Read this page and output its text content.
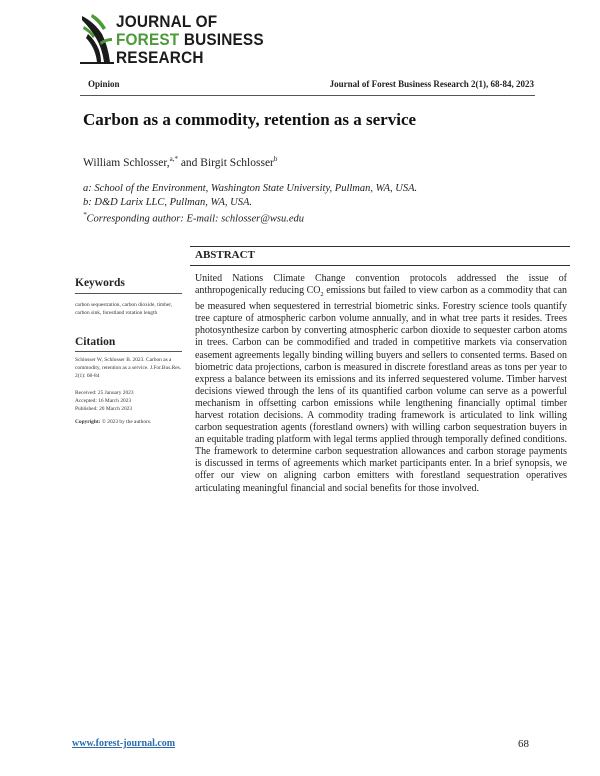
JOURNAL OF
FOREST BUSINESS
RESEARCH
Opinion	Journal of Forest Business Research 2(1), 68-84, 2023
Carbon as a commodity, retention as a service
William Schlosser,$^{a,*}$ and Birgit Schlosser$^b$
a: School of the Environment, Washington State University, Pullman, WA, USA.
b: D&D Larix LLC, Pullman, WA, USA.
*Corresponding author: E-mail: schlosser@wsu.edu
ABSTRACT
United Nations Climate Change convention protocols addressed the issue of anthropogenically reducing $CO_2$ emissions but failed to view carbon as a commodity that can be measured when sequestered in terrestrial biometric sinks. Forestry science tools quantify tree capture of atmospheric carbon volume annually, and in what tree parts it resides. Trees photosynthesize carbon by converting atmospheric carbon dioxide to sequester carbon atoms in trees. Carbon can be commodified and traded in competitive markets via conservation easement agreements legally binding willing buyers and sellers to consented terms. Based on biometric data projections, carbon is measured in discrete forestland areas as tons per year to express a balance between its emissions and its inferred sequestered volume. Timber harvest decisions viewed through the lens of its quantified carbon volume can serve as a powerful mechanism in offsetting carbon emissions while lengthening financially optimal timber harvest rotation decisions. A commodity trading framework is articulated to link willing carbon sequestration agents (forestland owners) with willing carbon sequestration buyers in an equitable trading platform with legal terms applied through temporally defined conditions. The framework to determine carbon sequestration allowances and carbon storage payments is discussed in terms of agreements which market participants enter. In a brief synopsis, we offer our view on aligning carbon emitters with forestland sequestration operatives articulating meaningful financial and social benefits for those involved.
Keywords
carbon sequestration, carbon dioxide, timber, carbon sink, forestland rotation length
Citation
Schlosser W, Schlosser B. 2023. Carbon as a commodity, retention as a service. J.For.Bus.Res. 2(1): 68-84
Received: 25 January 2023
Accepted: 16 March 2023
Published: 20 March 2023
Copyright: © 2023 by the authors.
www.forest-journal.com	68
